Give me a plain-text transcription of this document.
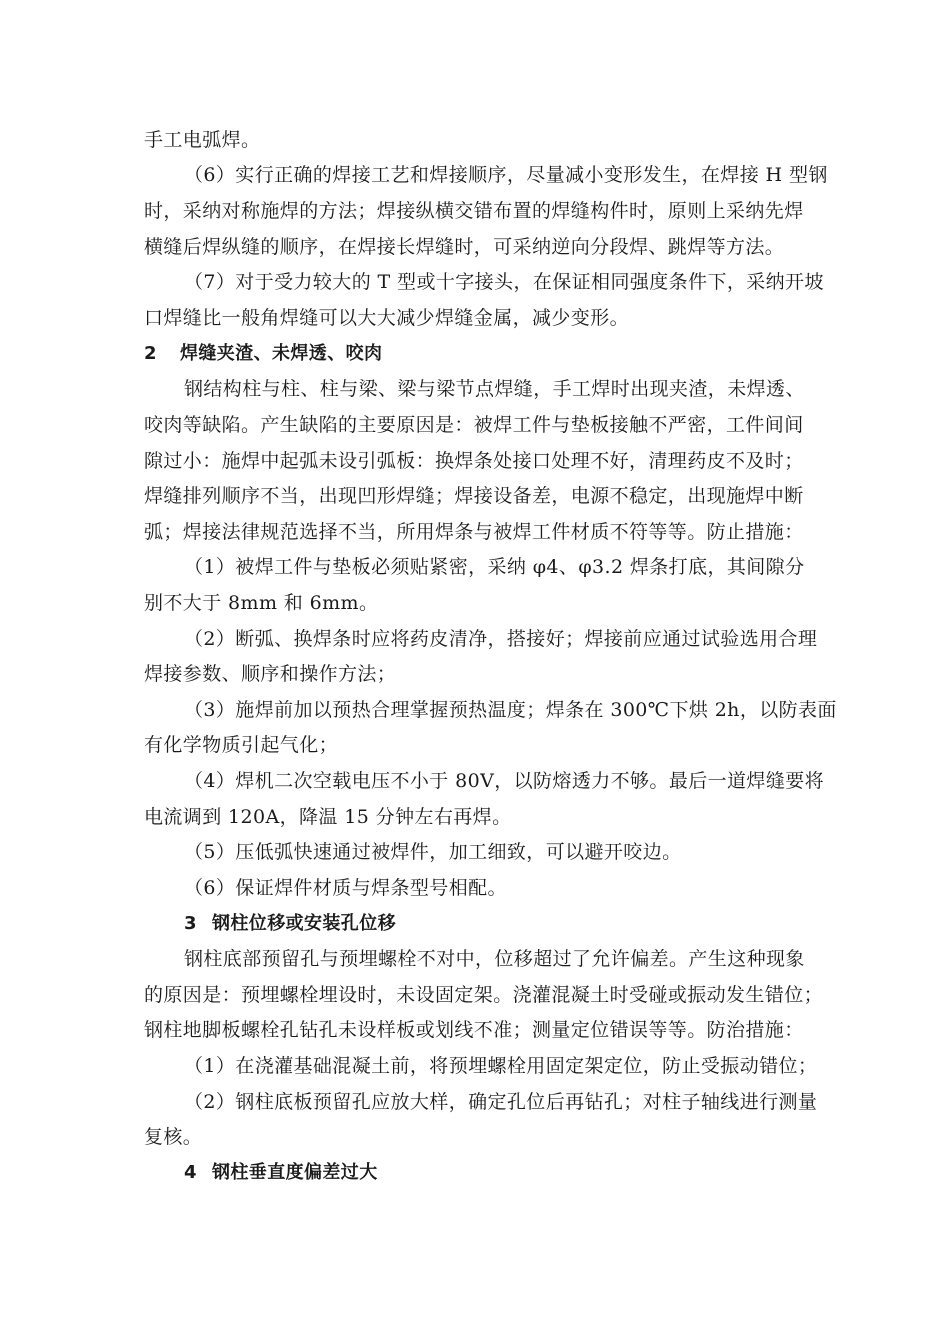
手工电弧焊。
（6）实行正确的焊接工艺和焊接顺序，尽量减小变形发生，在焊接 H 型钢
时，采纳对称施焊的方法；焊接纵横交错布置的焊缝构件时，原则上采纳先焊
横缝后焊纵缝的顺序，在焊接长焊缝时，可采纳逆向分段焊、跳焊等方法。
（7）对于受力较大的 T 型或十字接头，在保证相同强度条件下，采纳开坡
口焊缝比一般角焊缝可以大大减少焊缝金属，减少变形。
2 焊缝夹渣、未焊透、咬肉
钢结构柱与柱、柱与梁、梁与梁节点焊缝，手工焊时出现夹渣，未焊透、
咬肉等缺陷。产生缺陷的主要原因是：被焊工件与垫板接触不严密，工件间间
隙过小：施焊中起弧未设引弧板：换焊条处接口处理不好，清理药皮不及时；
焊缝排列顺序不当，出现凹形焊缝；焊接设备差，电源不稳定，出现施焊中断
弧；焊接法律规范选择不当，所用焊条与被焊工件材质不符等等。防止措施：
（1）被焊工件与垫板必须贴紧密，采纳 φ4、φ3.2 焊条打底，其间隙分
别不大于 8mm 和 6mm。
（2）断弧、换焊条时应将药皮清净，搭接好；焊接前应通过试验选用合理
焊接参数、顺序和操作方法；
（3）施焊前加以预热合理掌握预热温度；焊条在 300℃下烘 2h，以防表面
有化学物质引起气化；
（4）焊机二次空载电压不小于 80V，以防熔透力不够。最后一道焊缝要将
电流调到 120A，降温 15 分钟左右再焊。
（5）压低弧快速通过被焊件，加工细致，可以避开咬边。
（6）保证焊件材质与焊条型号相配。
3 钢柱位移或安装孔位移
钢柱底部预留孔与预埋螺栓不对中，位移超过了允许偏差。产生这种现象
的原因是：预埋螺栓埋设时，未设固定架。浇灌混凝土时受碰或振动发生错位；
钢柱地脚板螺栓孔钻孔未设样板或划线不准；测量定位错误等等。防治措施：
（1）在浇灌基础混凝土前，将预埋螺栓用固定架定位，防止受振动错位；
（2）钢柱底板预留孔应放大样，确定孔位后再钻孔；对柱子轴线进行测量
复核。
4 钢柱垂直度偏差过大
